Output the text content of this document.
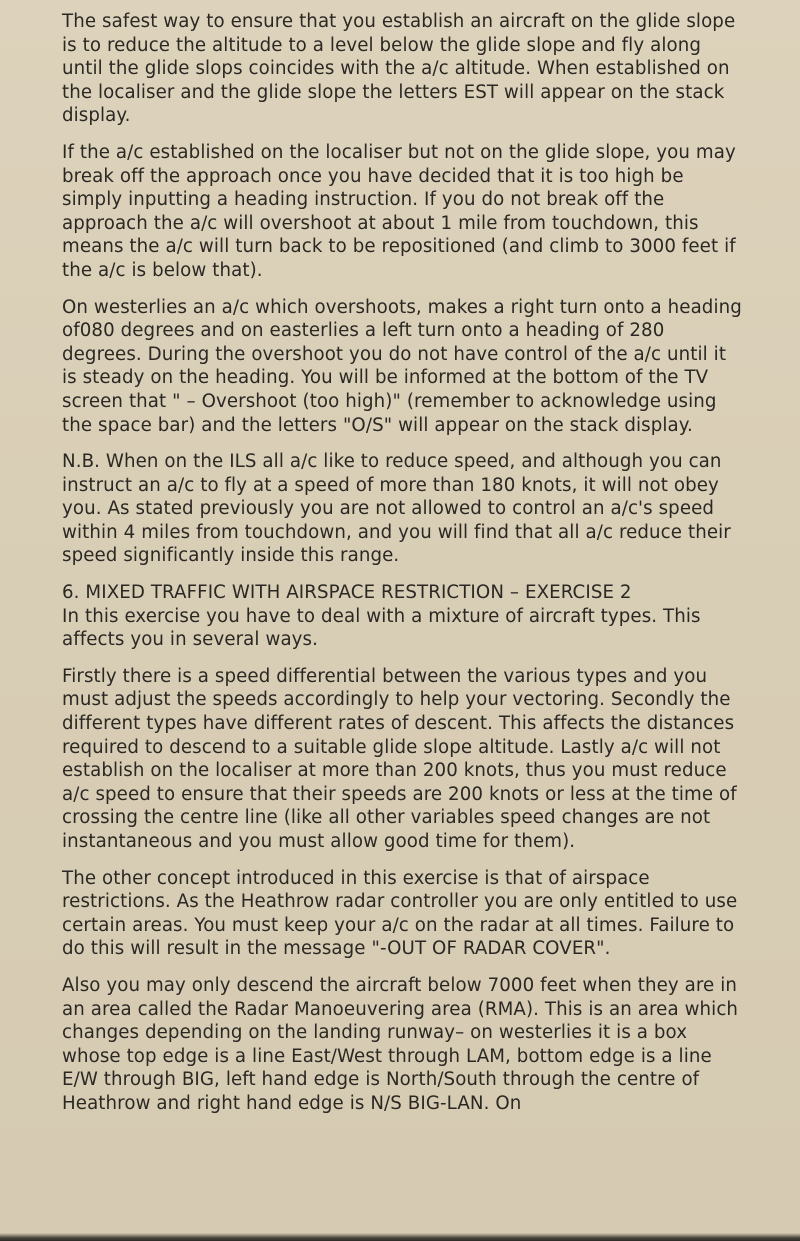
The safest way to ensure that you establish an aircraft on the glide slope is to reduce the altitude to a level below the glide slope and fly along until the glide slops coincides with the a/c altitude. When established on the localiser and the glide slope the letters EST will appear on the stack display.

If the a/c established on the localiser but not on the glide slope, you may break off the approach once you have decided that it is too high be simply inputting a heading instruction. If you do not break off the approach the a/c will overshoot at about 1 mile from touchdown, this means the a/c will turn back to be repositioned (and climb to 3000 feet if the a/c is below that).

On westerlies an a/c which overshoots, makes a right turn onto a heading of080 degrees and on easterlies a left turn onto a heading of 280 degrees. During the overshoot you do not have control of the a/c until it is steady on the heading. You will be informed at the bottom of the TV screen that " – Overshoot (too high)" (remember to acknowledge using the space bar) and the letters "O/S" will appear on the stack display.

N.B. When on the ILS all a/c like to reduce speed, and although you can instruct an a/c to fly at a speed of more than 180 knots, it will not obey you. As stated previously you are not allowed to control an a/c's speed within 4 miles from touchdown, and you will find that all a/c reduce their speed significantly inside this range.

6. MIXED TRAFFIC WITH AIRSPACE RESTRICTION – EXERCISE 2

In this exercise you have to deal with a mixture of aircraft types. This affects you in several ways.

Firstly there is a speed differential between the various types and you must adjust the speeds accordingly to help your vectoring. Secondly the different types have different rates of descent. This affects the distances required to descend to a suitable glide slope altitude. Lastly a/c will not establish on the localiser at more than 200 knots, thus you must reduce a/c speed to ensure that their speeds are 200 knots or less at the time of crossing the centre line (like all other variables speed changes are not instantaneous and you must allow good time for them).

The other concept introduced in this exercise is that of airspace restrictions. As the Heathrow radar controller you are only entitled to use certain areas. You must keep your a/c on the radar at all times. Failure to do this will result in the message "-OUT OF RADAR COVER".

Also you may only descend the aircraft below 7000 feet when they are in an area called the Radar Manoeuvering area (RMA). This is an area which changes depending on the landing runway– on westerlies it is a box whose top edge is a line East/West through LAM, bottom edge is a line E/W through BIG, left hand edge is North/South through the centre of Heathrow and right hand edge is N/S BIG-LAN. On
